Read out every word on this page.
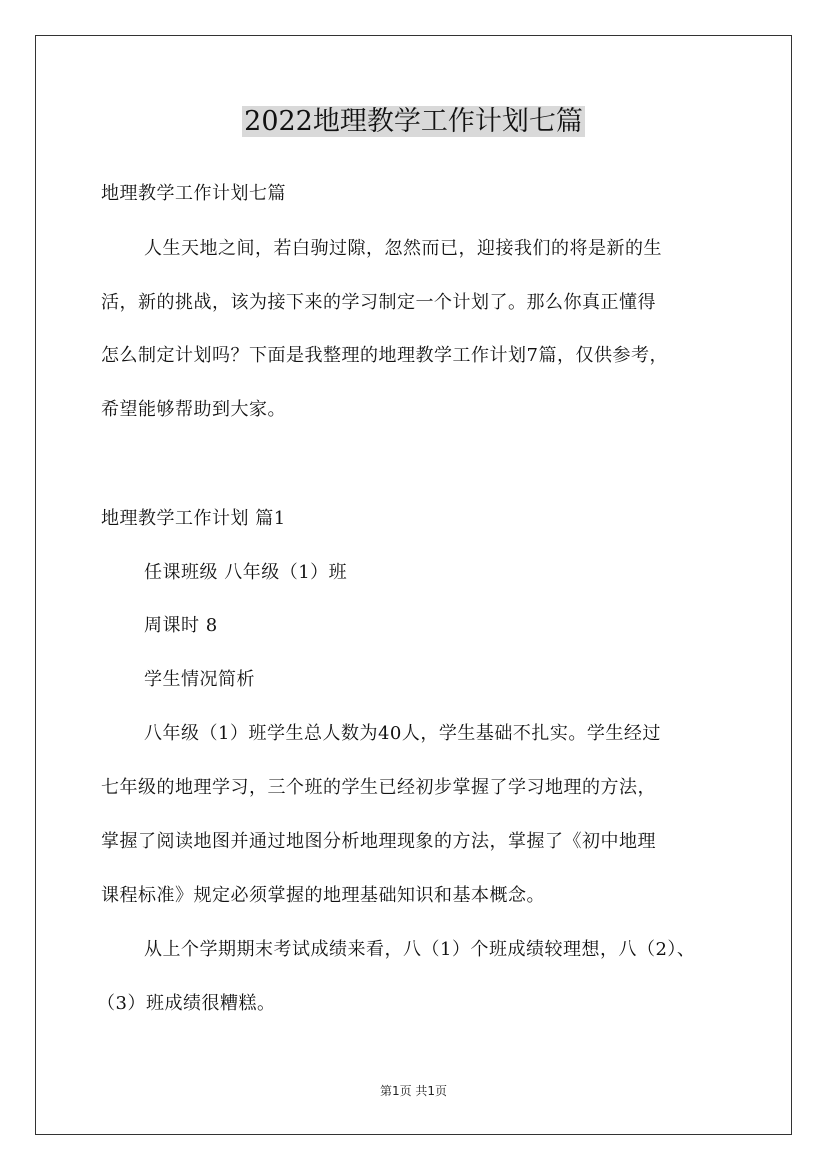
2022地理教学工作计划七篇

地理教学工作计划七篇

人生天地之间，若白驹过隙，忽然而已，迎接我们的将是新的生

活，新的挑战，该为接下来的学习制定一个计划了。那么你真正懂得

怎么制定计划吗？下面是我整理的地理教学工作计划7篇，仅供参考，

希望能够帮助到大家。

地理教学工作计划 篇1

任课班级 八年级（1）班

周课时 8

学生情况简析

八年级（1）班学生总人数为40人，学生基础不扎实。学生经过

七年级的地理学习，三个班的学生已经初步掌握了学习地理的方法，

掌握了阅读地图并通过地图分析地理现象的方法，掌握了《初中地理

课程标准》规定必须掌握的地理基础知识和基本概念。

从上个学期期末考试成绩来看，八（1）个班成绩较理想，八（2）、

（3）班成绩很糟糕。

第1页 共1页
